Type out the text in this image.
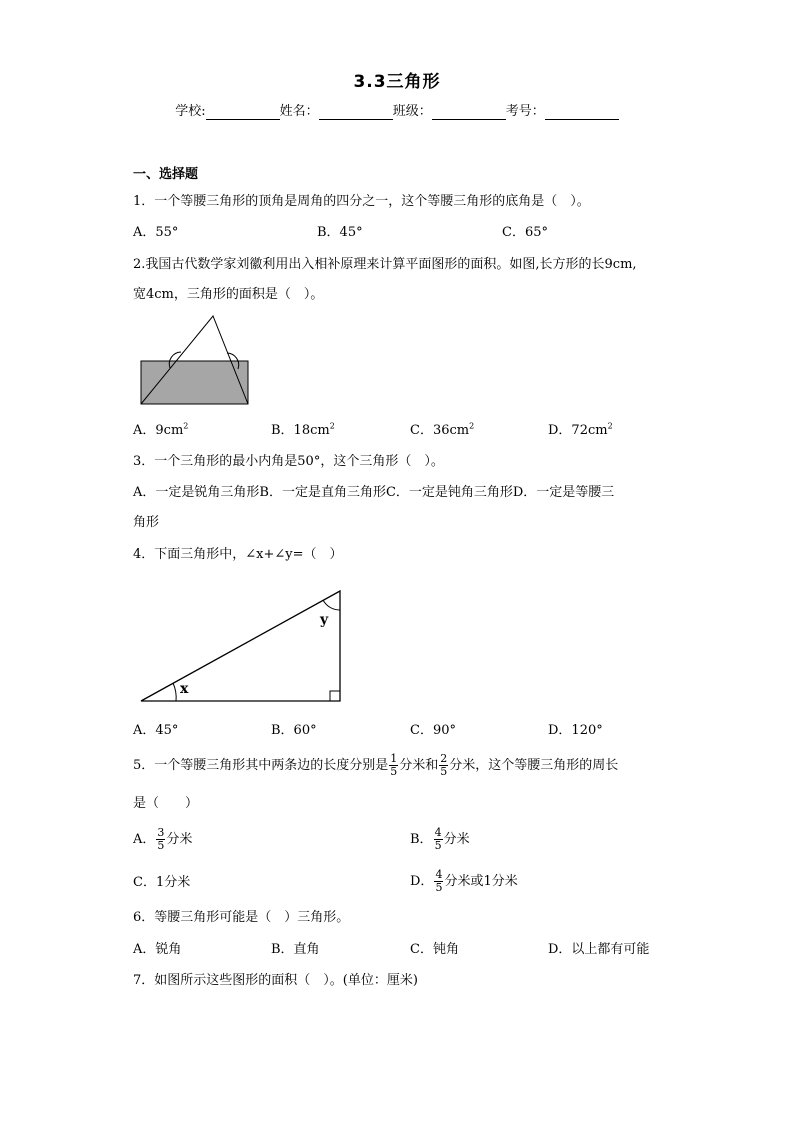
3.3三角形
学校:	姓名：	班级：	考号：
一、选择题
1．一个等腰三角形的顶角是周角的四分之一，这个等腰三角形的底角是（　）。
A．55°	B．45°	C．65°
2.我国古代数学家刘徽利用出入相补原理来计算平面图形的面积。如图,长方形的长9cm,
宽4cm，三角形的面积是（　）。
A．$9cm^2$	B．$18cm^2$	C．$36cm^2$	D．$72cm^2$
3．一个三角形的最小内角是50°，这个三角形（　）。
A．一定是锐角三角形B．一定是直角三角形C．一定是钝角三角形D．一定是等腰三
角形
4．下面三角形中，∠x+∠y=（　）
y
x
A．45°	B．60°	C．90°	D．120°
5．一个等腰三角形其中两条边的长度分别是 $\frac{1}{5}$ 分米和 $\frac{2}{5}$ 分米，这个等腰三角形的周长
是（　　）
A． $\frac{3}{5}$ 分米	B． $\frac{4}{5}$ 分米
C．1分米	D． $\frac{4}{5}$ 分米或1分米
6．等腰三角形可能是（　）三角形。
A．锐角	B．直角	C．钝角	D．以上都有可能
7．如图所示这些图形的面积（　）。(单位：厘米)
